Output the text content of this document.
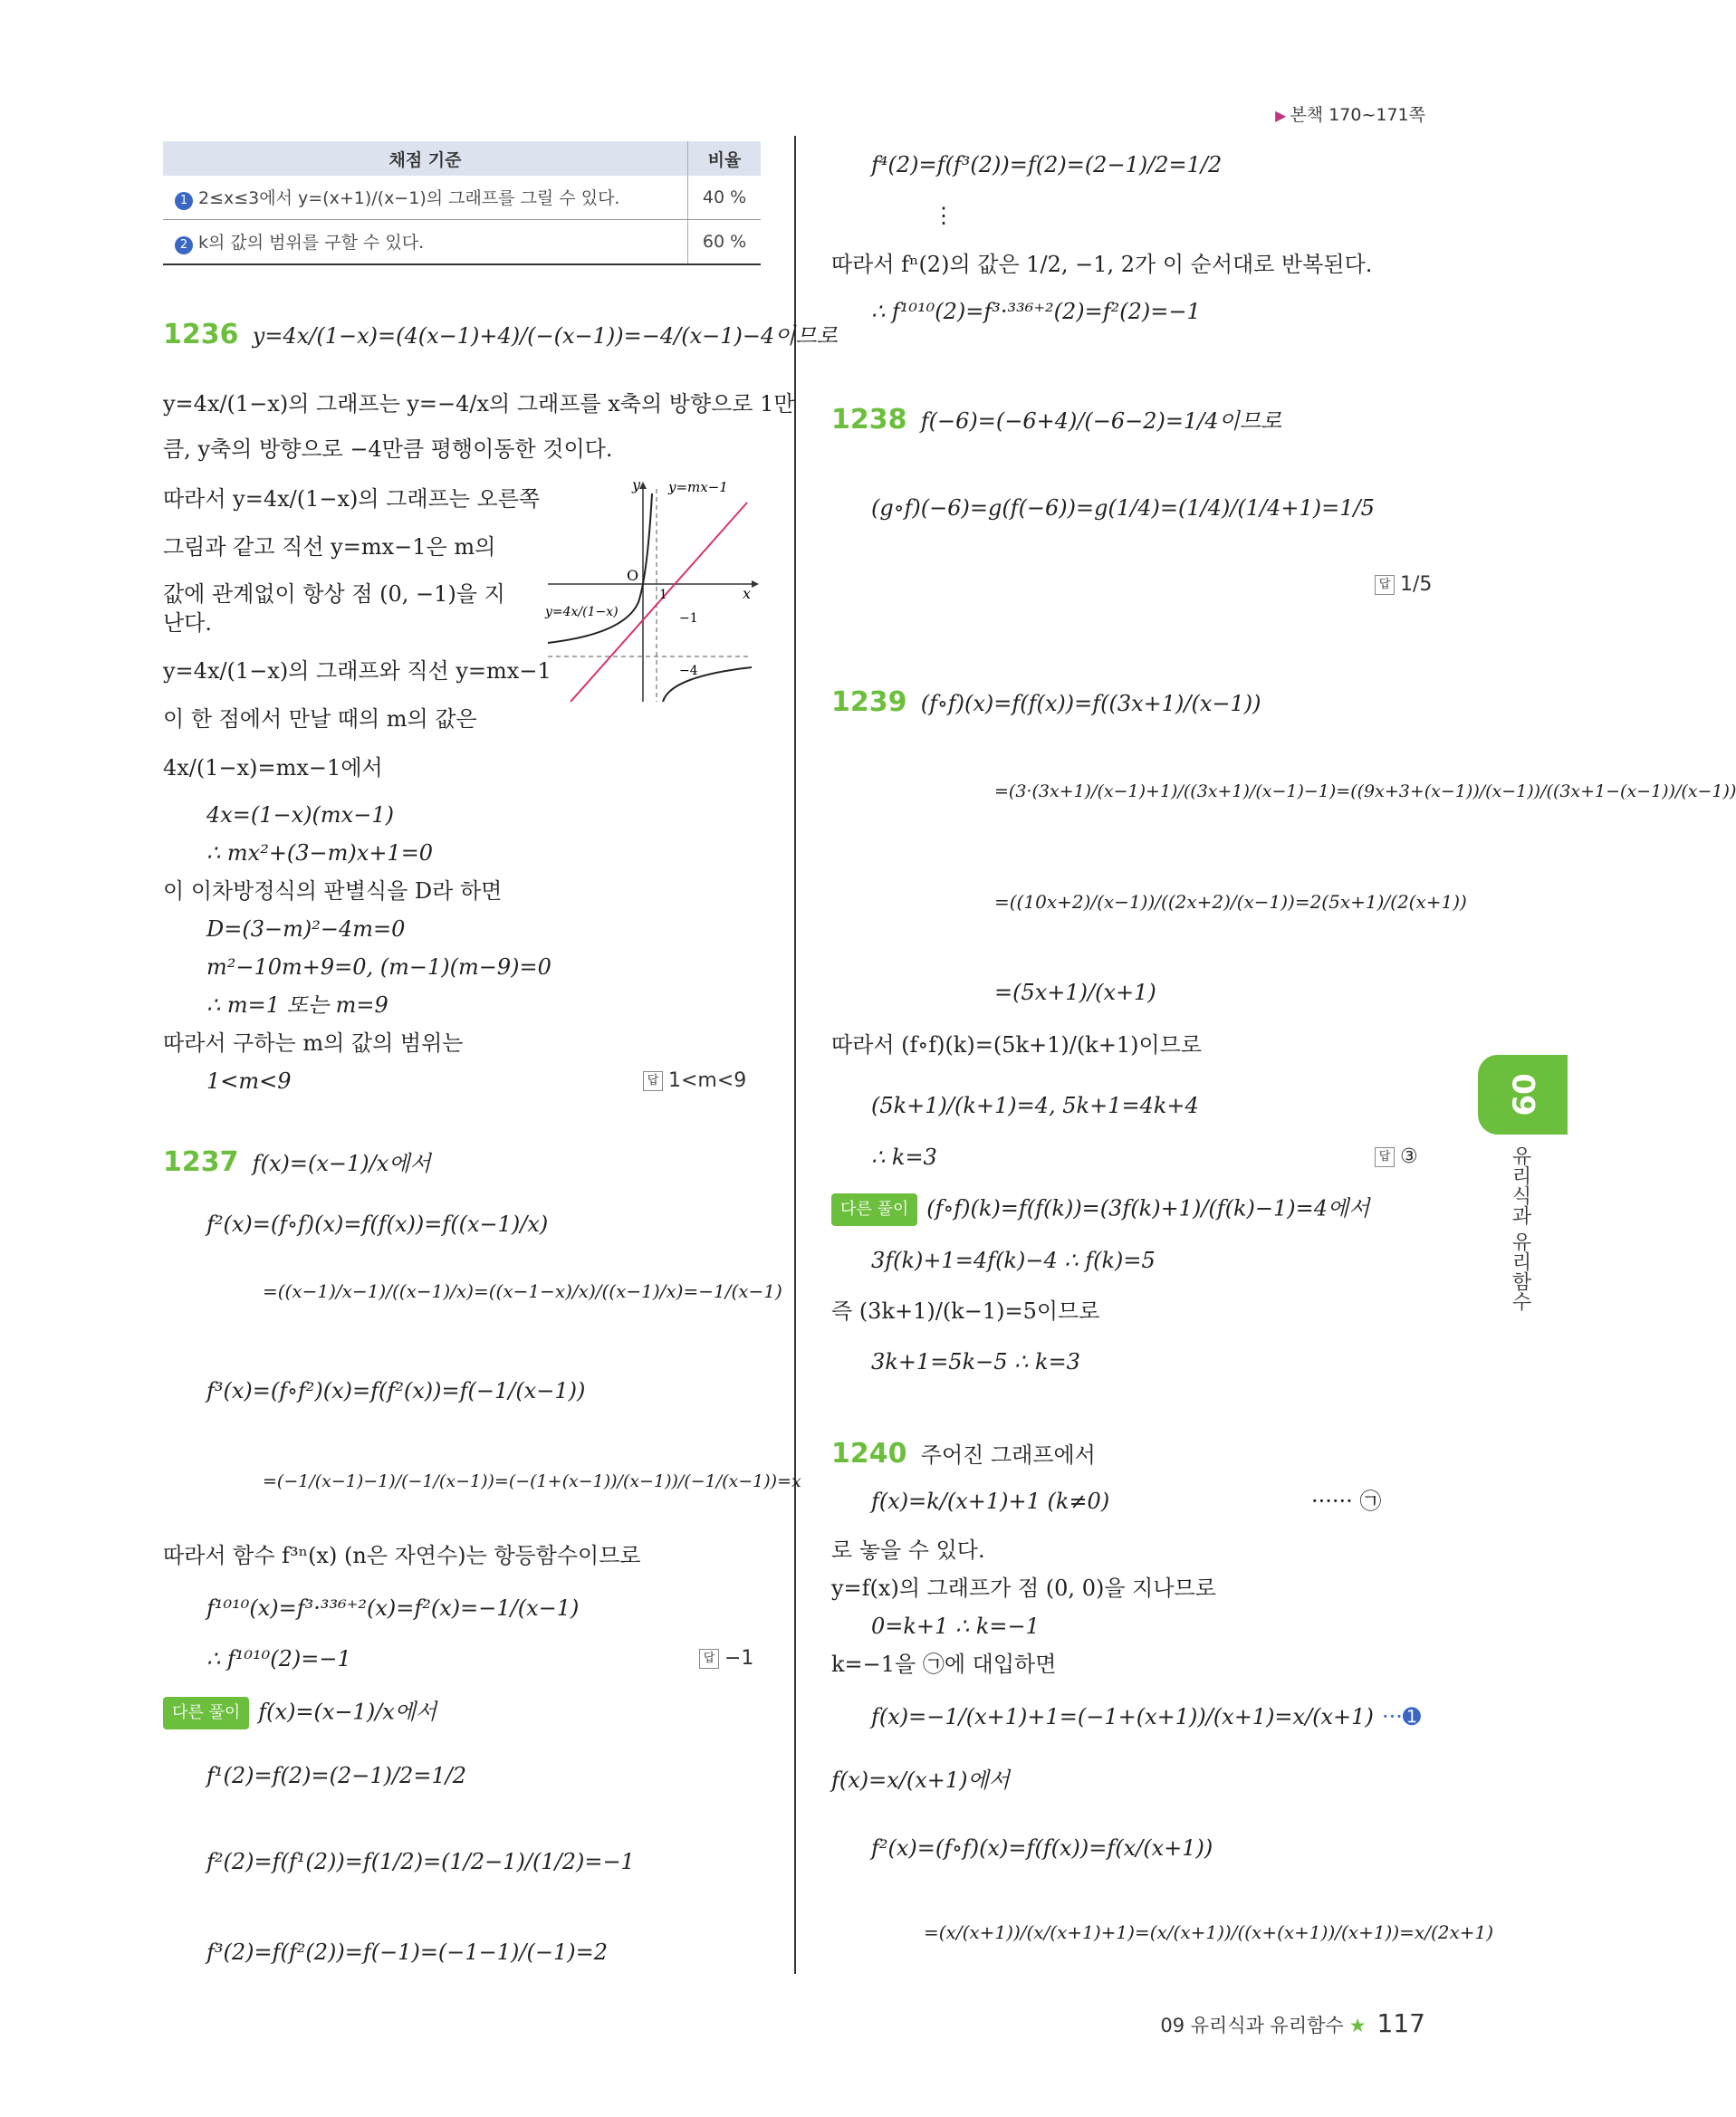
▶ 본책 170~171쪽
채점 기준	비율
1 2≤x≤3에서 y=(x+1)/(x−1)의 그래프를 그릴 수 있다.	40 %
2 k의 값의 범위를 구할 수 있다.	60 %
1236 y=4x/(1−x)=(4(x−1)+4)/(−(x−1))=−4/(x−1)−4이므로
y=4x/(1−x)의 그래프는 y=−4/x의 그래프를 x축의 방향으로 1만
큼, y축의 방향으로 −4만큼 평행이동한 것이다.
따라서 y=4x/(1−x)의 그래프는 오른쪽
그림과 같고 직선 y=mx−1은 m의
값에 관계없이 항상 점 (0, −1)을 지
난다.
y=4x/(1−x)의 그래프와 직선 y=mx−1
이 한 점에서 만날 때의 m의 값은
4x/(1−x)=mx−1에서
4x=(1−x)(mx−1)
∴ mx²+(3−m)x+1=0
이 이차방정식의 판별식을 D라 하면
D=(3−m)²−4m=0
m²−10m+9=0, (m−1)(m−9)=0
∴ m=1 또는 m=9
따라서 구하는 m의 값의 범위는
1<m<9	답 1<m<9
y
x
O
y=mx−1
y=4x/(1−x)
1
−1
−4
1237 f(x)=(x−1)/x에서
f²(x)=(f∘f)(x)=f(f(x))=f((x−1)/x)
=((x−1)/x−1)/((x−1)/x)=((x−1−x)/x)/((x−1)/x)=−1/(x−1)
f³(x)=(f∘f²)(x)=f(f²(x))=f(−1/(x−1))
=(−1/(x−1)−1)/(−1/(x−1))=(−(1+(x−1))/(x−1))/(−1/(x−1))=x
따라서 함수 f³ⁿ(x) (n은 자연수)는 항등함수이므로
f¹⁰¹⁰(x)=f³·³³⁶⁺²(x)=f²(x)=−1/(x−1)
∴ f¹⁰¹⁰(2)=−1	답 −1
다른 풀이 f(x)=(x−1)/x에서
f¹(2)=f(2)=(2−1)/2=1/2
f²(2)=f(f¹(2))=f(1/2)=(1/2−1)/(1/2)=−1
f³(2)=f(f²(2))=f(−1)=(−1−1)/(−1)=2
f⁴(2)=f(f³(2))=f(2)=(2−1)/2=1/2
⋮
따라서 fⁿ(2)의 값은 1/2, −1, 2가 이 순서대로 반복된다.
∴ f¹⁰¹⁰(2)=f³·³³⁶⁺²(2)=f²(2)=−1
1238 f(−6)=(−6+4)/(−6−2)=1/4이므로
(g∘f)(−6)=g(f(−6))=g(1/4)=(1/4)/(1/4+1)=1/5
답 1/5
1239 (f∘f)(x)=f(f(x))=f((3x+1)/(x−1))
=(3·(3x+1)/(x−1)+1)/((3x+1)/(x−1)−1)=((9x+3+(x−1))/(x−1))/((3x+1−(x−1))/(x−1))
=((10x+2)/(x−1))/((2x+2)/(x−1))=2(5x+1)/(2(x+1))
=(5x+1)/(x+1)
따라서 (f∘f)(k)=(5k+1)/(k+1)이므로
(5k+1)/(k+1)=4, 5k+1=4k+4
∴ k=3	답 ③
다른 풀이 (f∘f)(k)=f(f(k))=(3f(k)+1)/(f(k)−1)=4에서
3f(k)+1=4f(k)−4 ∴ f(k)=5
즉 (3k+1)/(k−1)=5이므로
3k+1=5k−5 ∴ k=3
1240 주어진 그래프에서
f(x)=k/(x+1)+1 (k≠0)	······ ㉠
로 놓을 수 있다.
y=f(x)의 그래프가 점 (0, 0)을 지나므로
0=k+1 ∴ k=−1
k=−1을 ㉠에 대입하면
f(x)=−1/(x+1)+1=(−1+(x+1))/(x+1)=x/(x+1) ···➊
f(x)=x/(x+1)에서
f²(x)=(f∘f)(x)=f(f(x))=f(x/(x+1))
=(x/(x+1))/(x/(x+1)+1)=(x/(x+1))/((x+(x+1))/(x+1))=x/(2x+1)
09
유리식과 유리함수
09 유리식과 유리함수 ★ 117
